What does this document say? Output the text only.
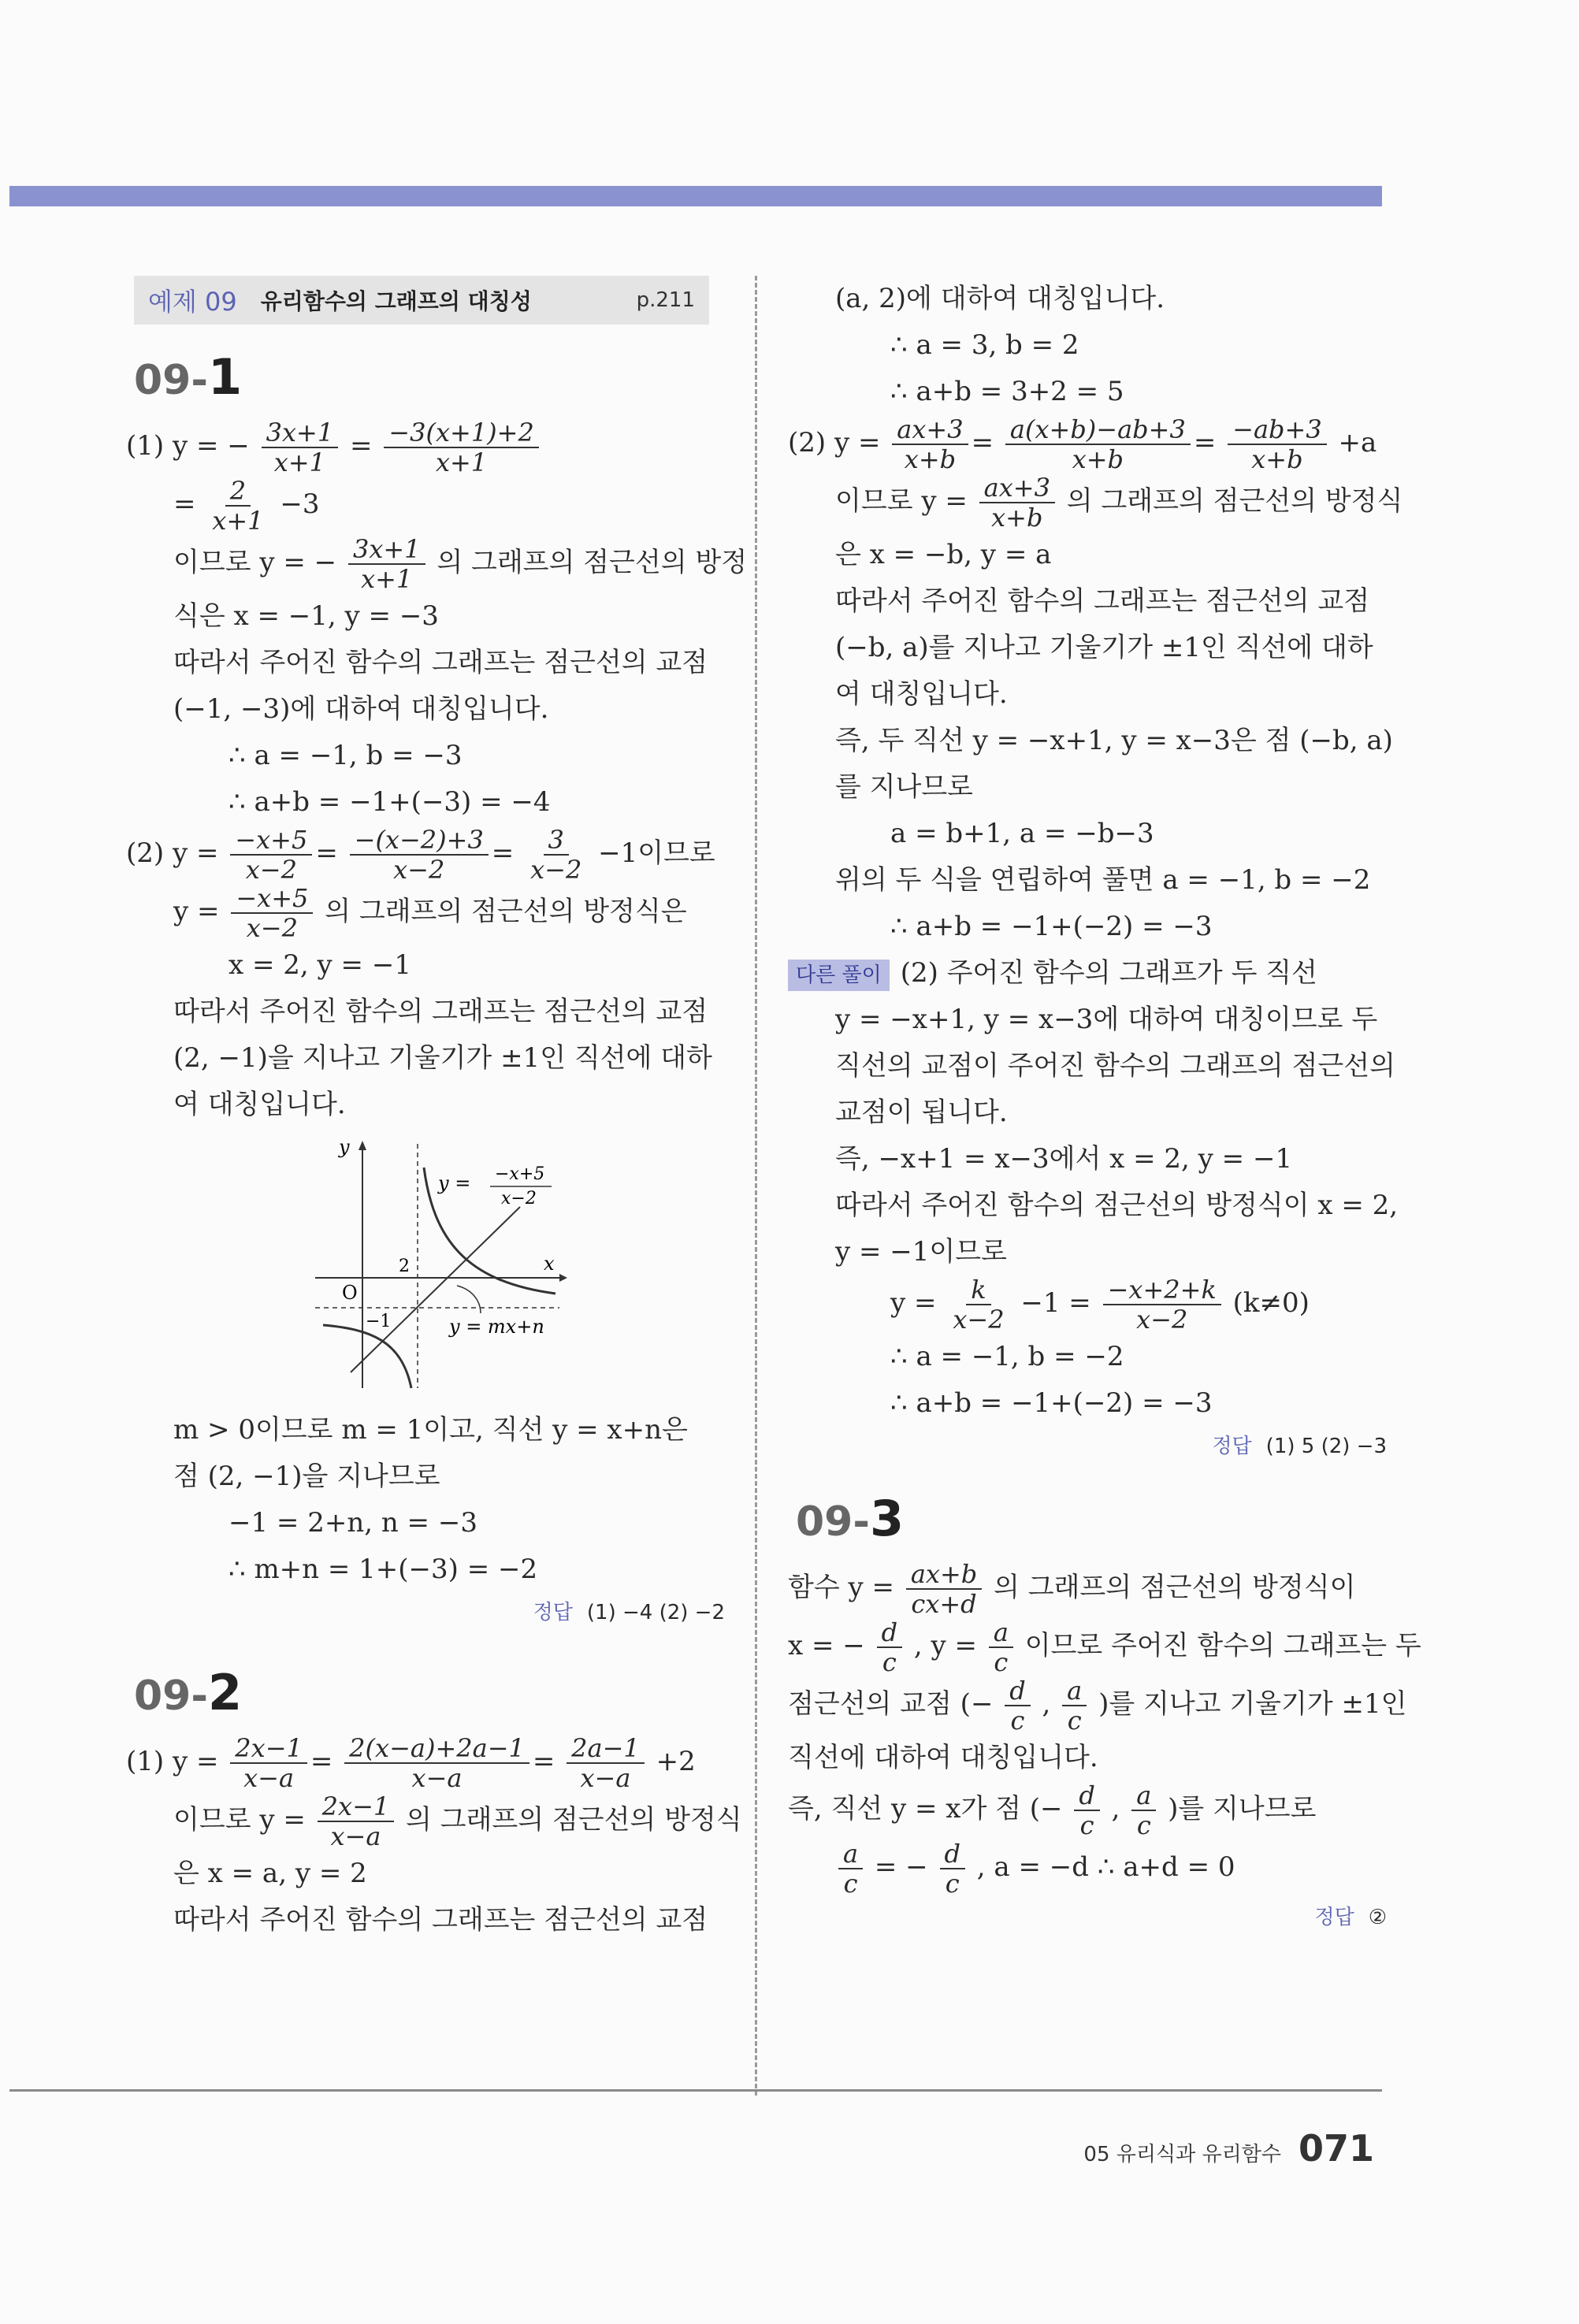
예제 09 유리함수의 그래프의 대칭성	p.211
09-1
(1) y = − $\frac{3x+1}{x+1} = \frac{-3(x+1)+2}{x+1}$
= $\frac{2}{x+1} -3$
이므로 y = − $\frac{3x+1}{x+1}$ 의 그래프의 점근선의 방정
식은 x = −1, y = −3
따라서 주어진 함수의 그래프는 점근선의 교점
(−1, −3)에 대하여 대칭입니다.
∴ a = −1, b = −3
∴ a+b = −1+(−3) = −4
(2) $y = \frac{-x+5}{x-2} = \frac{-(x-2)+3}{x-2} = \frac{3}{x-2} -1$이므로
$y = \frac{-x+5}{x-2}$ 의 그래프의 점근선의 방정식은
x = 2, y = −1
따라서 주어진 함수의 그래프는 점근선의 교점
(2, −1)을 지나고 기울기가 ±1인 직선에 대하
여 대칭입니다.
y
x
O
2
−1
y = −x+5
x−2
y = mx+n
m > 0이므로 m = 1이고, 직선 y = x+n은
점 (2, −1)을 지나므로
−1 = 2+n, n = −3
∴ m+n = 1+(−3) = −2
정답 (1) −4 (2) −2
09-2
(1) $y = \frac{2x-1}{x-a} = \frac{2(x-a)+2a-1}{x-a} = \frac{2a-1}{x-a} +2$
이므로 $y = \frac{2x-1}{x-a}$ 의 그래프의 점근선의 방정식
은 x = a, y = 2
따라서 주어진 함수의 그래프는 점근선의 교점
(a, 2)에 대하여 대칭입니다.
∴ a = 3, b = 2
∴ a+b = 3+2 = 5
(2) $y = \frac{ax+3}{x+b} = \frac{a(x+b)-ab+3}{x+b} = \frac{-ab+3}{x+b} +a$
이므로 $y = \frac{ax+3}{x+b}$ 의 그래프의 점근선의 방정식
은 x = −b, y = a
따라서 주어진 함수의 그래프는 점근선의 교점
(−b, a)를 지나고 기울기가 ±1인 직선에 대하
여 대칭입니다.
즉, 두 직선 y = −x+1, y = x−3은 점 (−b, a)
를 지나므로
a = b+1, a = −b−3
위의 두 식을 연립하여 풀면 a = −1, b = −2
∴ a+b = −1+(−2) = −3
다른 풀이 (2) 주어진 함수의 그래프가 두 직선
y = −x+1, y = x−3에 대하여 대칭이므로 두
직선의 교점이 주어진 함수의 그래프의 점근선의
교점이 됩니다.
즉, −x+1 = x−3에서 x = 2, y = −1
따라서 주어진 함수의 점근선의 방정식이 x = 2,
y = −1이므로
$y = \frac{k}{x-2} -1 = \frac{-x+2+k}{x-2} (k\ne 0)$
∴ a = −1, b = −2
∴ a+b = −1+(−2) = −3
정답 (1) 5 (2) −3
09-3
함수 $y = \frac{ax+b}{cx+d}$ 의 그래프의 점근선의 방정식이
x = − $\frac{d}{c}$ , $y = \frac{a}{c}$ 이므로 주어진 함수의 그래프는 두
점근선의 교점 (− $\frac{d}{c}$ , $\frac{a}{c}$ )를 지나고 기울기가 ±1인
직선에 대하여 대칭입니다.
즉, 직선 y = x가 점 (− $\frac{d}{c}$ , $\frac{a}{c}$ )를 지나므로
$\frac{a}{c}$ = − $\frac{d}{c}$ , a = −d ∴ a+d = 0
정답 ②
05 유리식과 유리함수 071
